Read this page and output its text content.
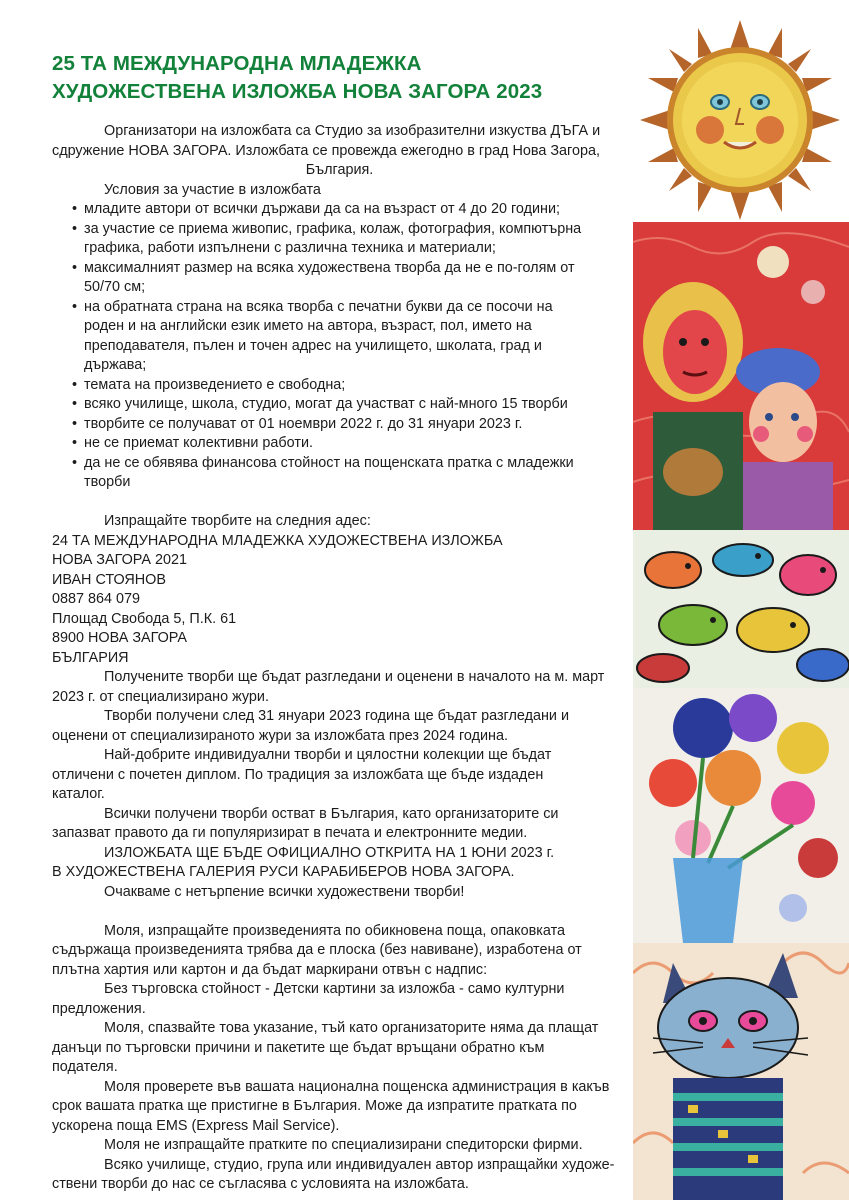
25 ТА МЕЖДУНАРОДНА МЛАДЕЖКА
ХУДОЖЕСТВЕНА ИЗЛОЖБА НОВА ЗАГОРА 2023

Организатори на изложбата са Студио за изобразителни изкуства ДЪГА и

сдружение НОВА ЗАГОРА. Изложбата се провежда ежегодно в град Нова Загора,

България.

Условия за участие в изложбата

• младите автори от всички държави да са на възраст от 4 до 20 години;
• за участие се приема живопис, графика, колаж, фотография, компютърна
графика, работи изпълнени с различна техника и материали;
• максималният размер на всяка художествена творба да не е по-голям от
50/70 см;
• на обратната страна на всяка творба с печатни букви да се посочи на
роден и на английски език името на автора, възраст, пол, името на
преподавателя, пълен и точен адрес на училището, школата, град и
държава;
• темата на произведението е свободна;
• всяко училище, школа, студио, могат да участват с най-много 15 творби
• творбите се получават от 01 ноември 2022 г. до 31 януари 2023 г.
• не се приемат колективни работи.
• да не се обявява финансова стойност на пощенската пратка с младежки
творби

Изпращайте творбите на следния адес:

24 ТА МЕЖДУНАРОДНА МЛАДЕЖКА ХУДОЖЕСТВЕНА ИЗЛОЖБА

НОВА ЗАГОРА 2021

ИВАН СТОЯНОВ

0887 864 079

Площад Свобода 5, П.К. 61

8900 НОВА ЗАГОРА

БЪЛГАРИЯ

Получените творби ще бъдат разгледани и оценени в началото на м. март

2023 г. от специализирано жури.

Творби получени след 31 януари 2023 година ще бъдат разгледани и

оценени от специализираното жури за изложбата през 2024 година.

Най-добрите индивидуални творби и цялостни колекции ще бъдат

отличени с почетен диплом. По традиция за изложбата ще бъде издаден

каталог.

Всички получени творби остват в България, като организаторите си

запазват правото да ги популяризират в печата и електронните медии.

ИЗЛОЖБАТА ЩЕ БЪДЕ ОФИЦИАЛНО ОТКРИТА НА 1 ЮНИ 2023 г.

В ХУДОЖЕСТВЕНА ГАЛЕРИЯ РУСИ КАРАБИБЕРОВ НОВА ЗАГОРА.

Очакваме с нетърпение всички художествени творби!

Моля, изпращайте произведенията по обикновена поща, опаковката

съдържаща произведенията трябва да е плоска (без навиване), изработена от

плътна хартия или картон и да бъдат маркирани отвън с надпис:

Без търговска стойност - Детски картини за изложба - само културни

предложения.

Моля, спазвайте това указание, тъй като организаторите няма да плащат

данъци по търговски причини и пакетите ще бъдат връщани обратно към

подателя.

Моля проверете във вашата национална пощенска администрация в какъв

срок вашата пратка ще пристигне в България. Може да изпратите пратката по

ускорена поща EMS (Express Mail Service).

Моля не изпращайте пратките по специализирани спедиторски фирми.

Всяко училище, студио, група или индивидуален автор изпращайки художе-

ствени творби до нас се съгласява с условията на изложбата.
